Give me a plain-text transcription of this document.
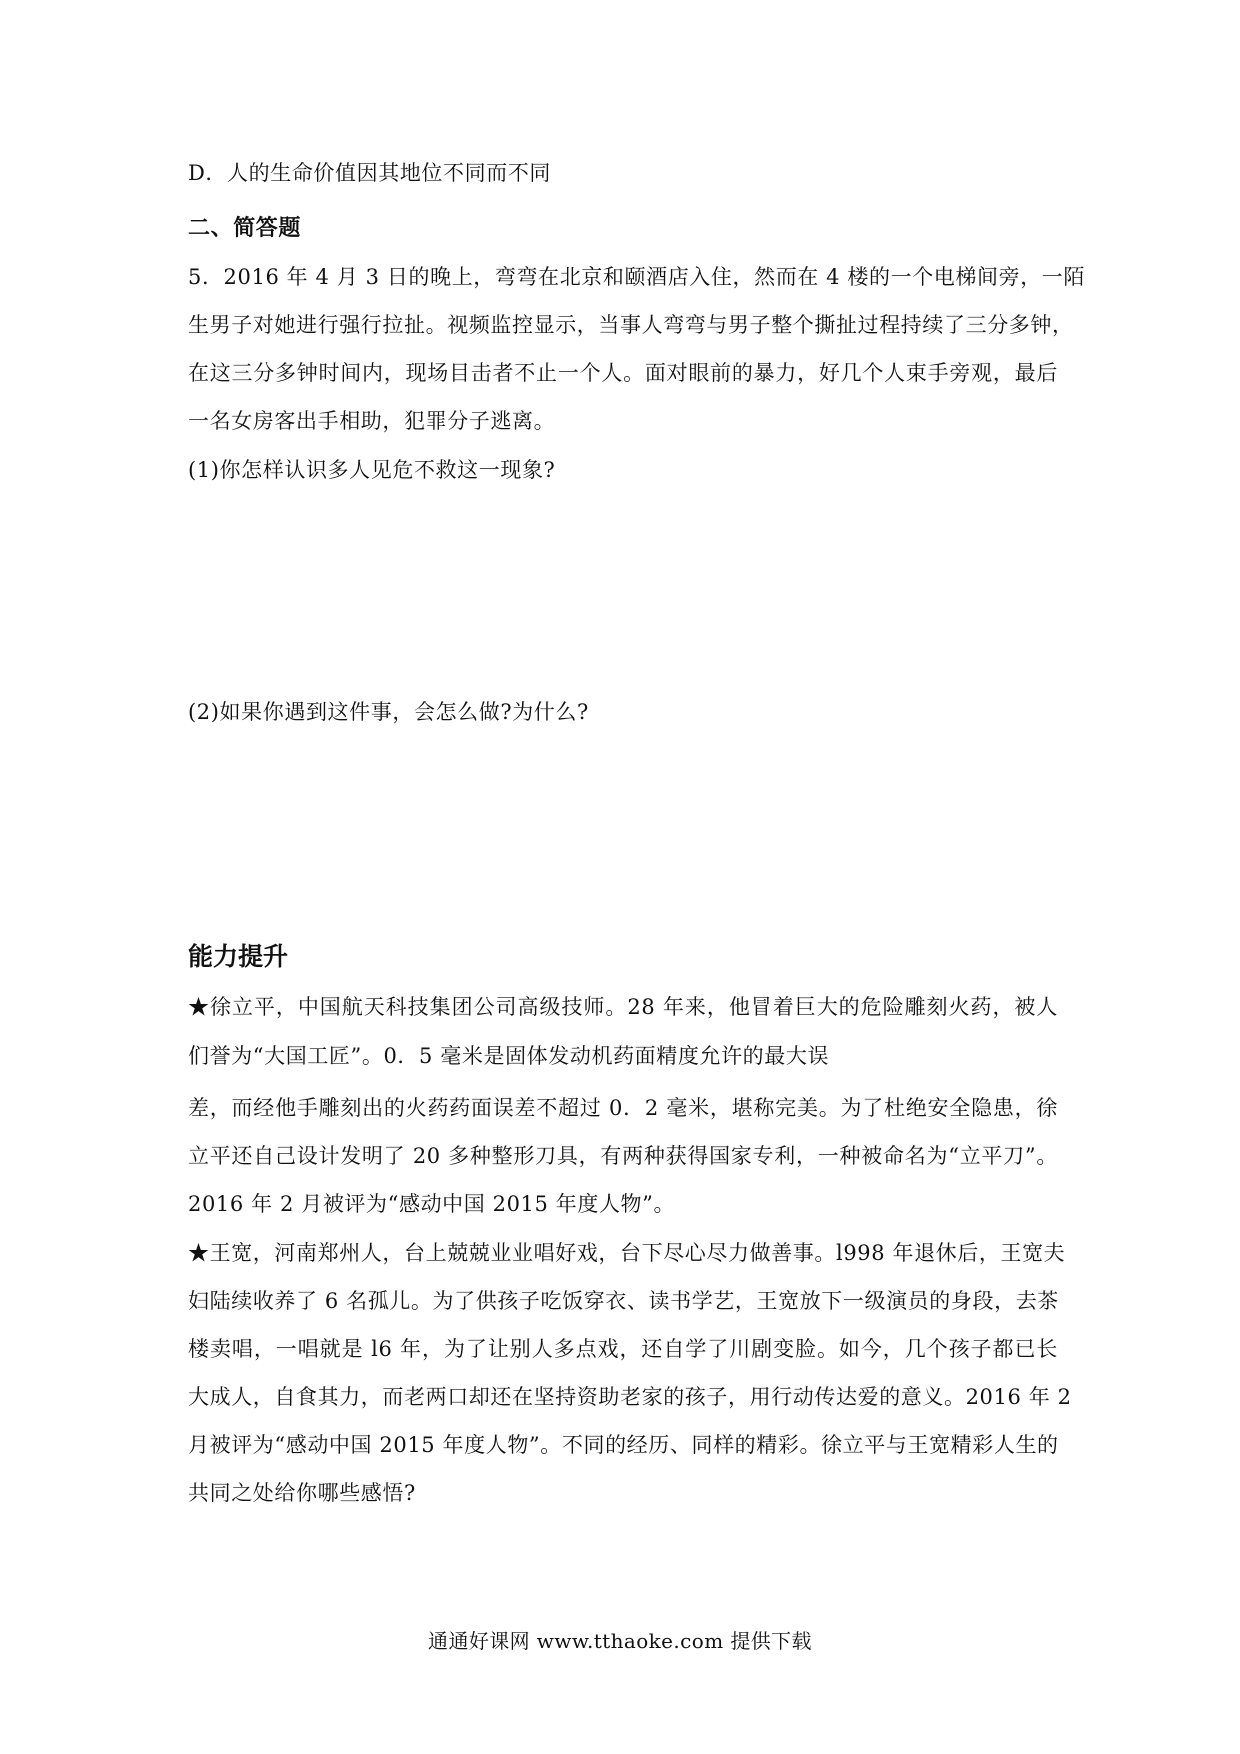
D．人的生命价值因其地位不同而不同
二、简答题
5．2016 年 4 月 3 日的晚上，弯弯在北京和颐酒店入住，然而在 4 楼的一个电梯间旁，一陌
生男子对她进行强行拉扯。视频监控显示，当事人弯弯与男子整个撕扯过程持续了三分多钟，
在这三分多钟时间内，现场目击者不止一个人。面对眼前的暴力，好几个人束手旁观，最后
一名女房客出手相助，犯罪分子逃离。
(1)你怎样认识多人见危不救这一现象?
(2)如果你遇到这件事，会怎么做?为什么?
能力提升
★徐立平，中国航天科技集团公司高级技师。28 年来，他冒着巨大的危险雕刻火药，被人
们誉为“大国工匠”。0．5 毫米是固体发动机药面精度允许的最大误
差，而经他手雕刻出的火药药面误差不超过 0．2 毫米，堪称完美。为了杜绝安全隐患，徐
立平还自己设计发明了 20 多种整形刀具，有两种获得国家专利，一种被命名为“立平刀”。
2016 年 2 月被评为“感动中国 2015 年度人物”。
★王宽，河南郑州人，台上兢兢业业唱好戏，台下尽心尽力做善事。l998 年退休后，王宽夫
妇陆续收养了 6 名孤儿。为了供孩子吃饭穿衣、读书学艺，王宽放下一级演员的身段，去茶
楼卖唱，一唱就是 l6 年，为了让别人多点戏，还自学了川剧变脸。如今，几个孩子都已长
大成人，自食其力，而老两口却还在坚持资助老家的孩子，用行动传达爱的意义。2016 年 2
月被评为“感动中国 2015 年度人物”。不同的经历、同样的精彩。徐立平与王宽精彩人生的
共同之处给你哪些感悟?
通通好课网 www.tthaoke.com 提供下载
